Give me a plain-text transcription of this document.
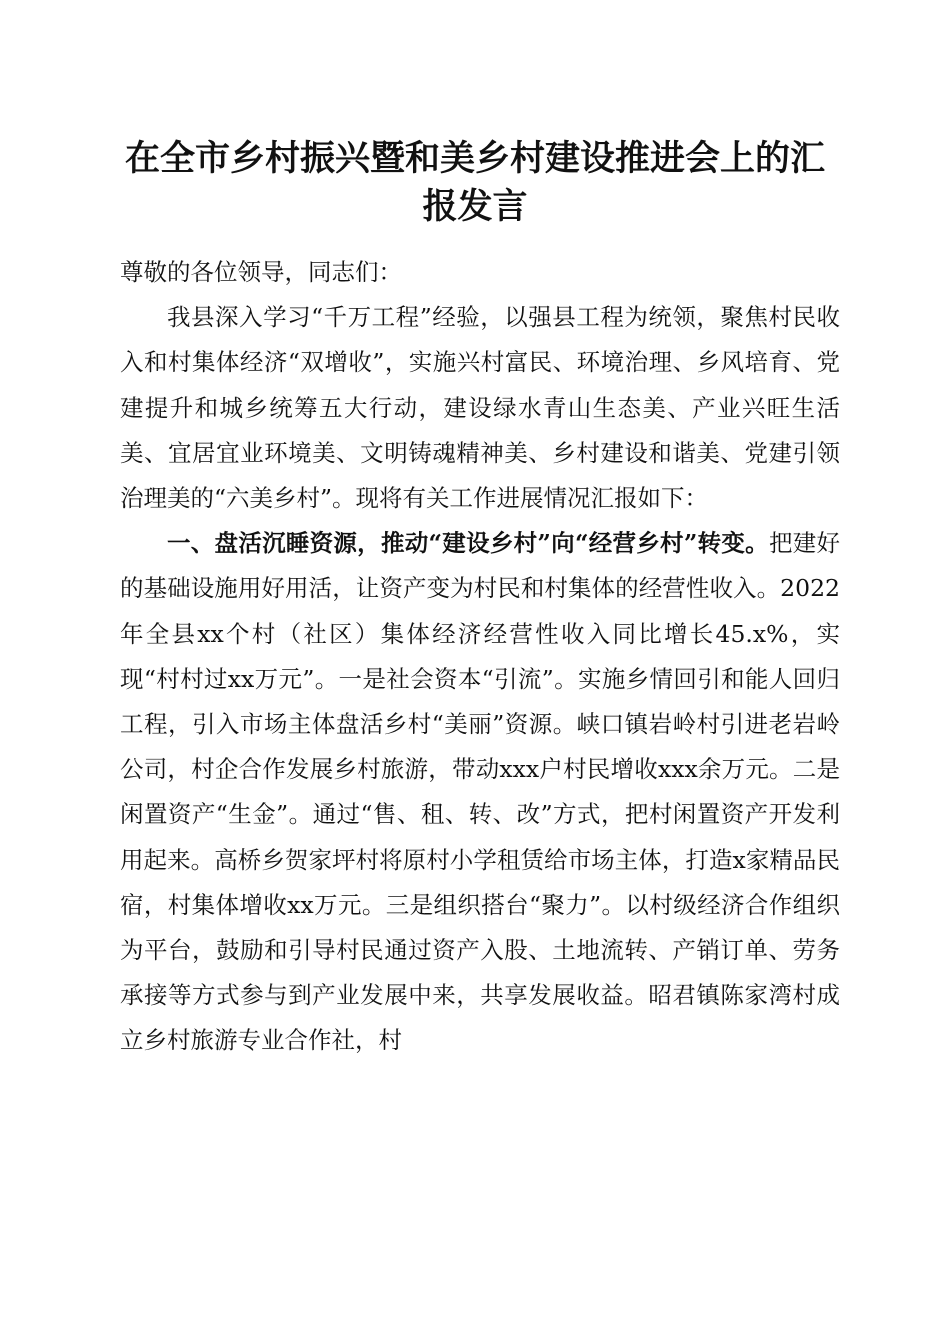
在全市乡村振兴暨和美乡村建设推进会上的汇
报发言

尊敬的各位领导，同志们：

我县深入学习“千万工程”经验，以强县工程为统领，聚焦村民收入和村集体经济“双增收”，实施兴村富民、环境治理、乡风培育、党建提升和城乡统筹五大行动，建设绿水青山生态美、产业兴旺生活美、宜居宜业环境美、文明铸魂精神美、乡村建设和谐美、党建引领治理美的“六美乡村”。现将有关工作进展情况汇报如下：

一、盘活沉睡资源，推动“建设乡村”向“经营乡村”转变。把建好的基础设施用好用活，让资产变为村民和村集体的经营性收入。2022年全县xx个村（社区）集体经济经营性收入同比增长45.x%，实现“村村过xx万元”。一是社会资本“引流”。实施乡情回引和能人回归工程，引入市场主体盘活乡村“美丽”资源。峡口镇岩岭村引进老岩岭公司，村企合作发展乡村旅游，带动xxx户村民增收xxx余万元。二是闲置资产“生金”。通过“售、租、转、改”方式，把村闲置资产开发利用起来。高桥乡贺家坪村将原村小学租赁给市场主体，打造x家精品民宿，村集体增收xx万元。三是组织搭台“聚力”。以村级经济合作组织为平台，鼓励和引导村民通过资产入股、土地流转、产销订单、劳务承接等方式参与到产业发展中来，共享发展收益。昭君镇陈家湾村成立乡村旅游专业合作社，村
